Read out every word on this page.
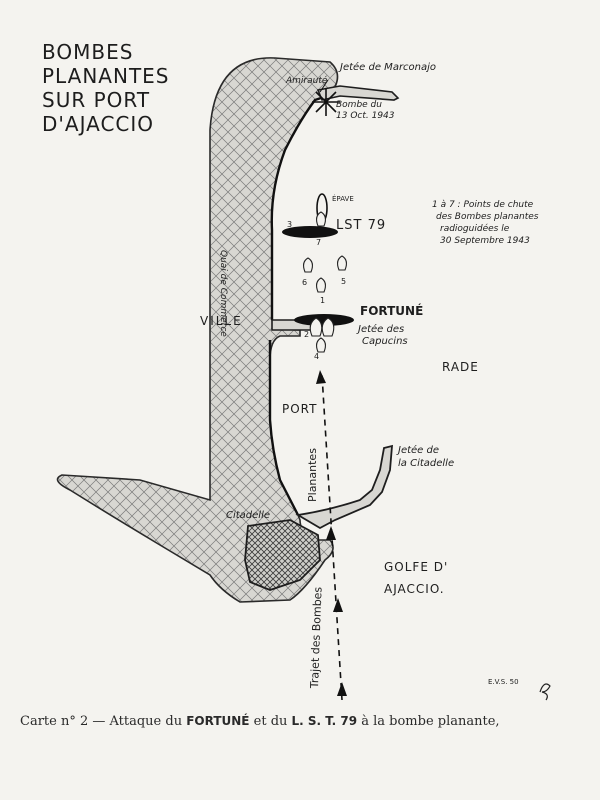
BOMBES
PLANANTES
SUR PORT
D'AJACCIO
Amirauté
Jetée de Marconajo
Bombe du
13 Oct. 1943
ÉPAVE
LST 79
Quai de Commerce
VILLE
FORTUNÉ
Jetée des
Capucins
RADE
PORT
Planantes
Trajet des Bombes
Jetée de
la Citadelle
Citadelle
GOLFE D'
AJACCIO.
E.V.S. 50
1 à 7 : Points de chute
des Bombes planantes
radioguidées le
30 Septembre 1943
3
7
6	5
1
2
4
Carte n° 2 — Attaque du FORTUNÉ et du L. S. T. 79 à la bombe planante,
